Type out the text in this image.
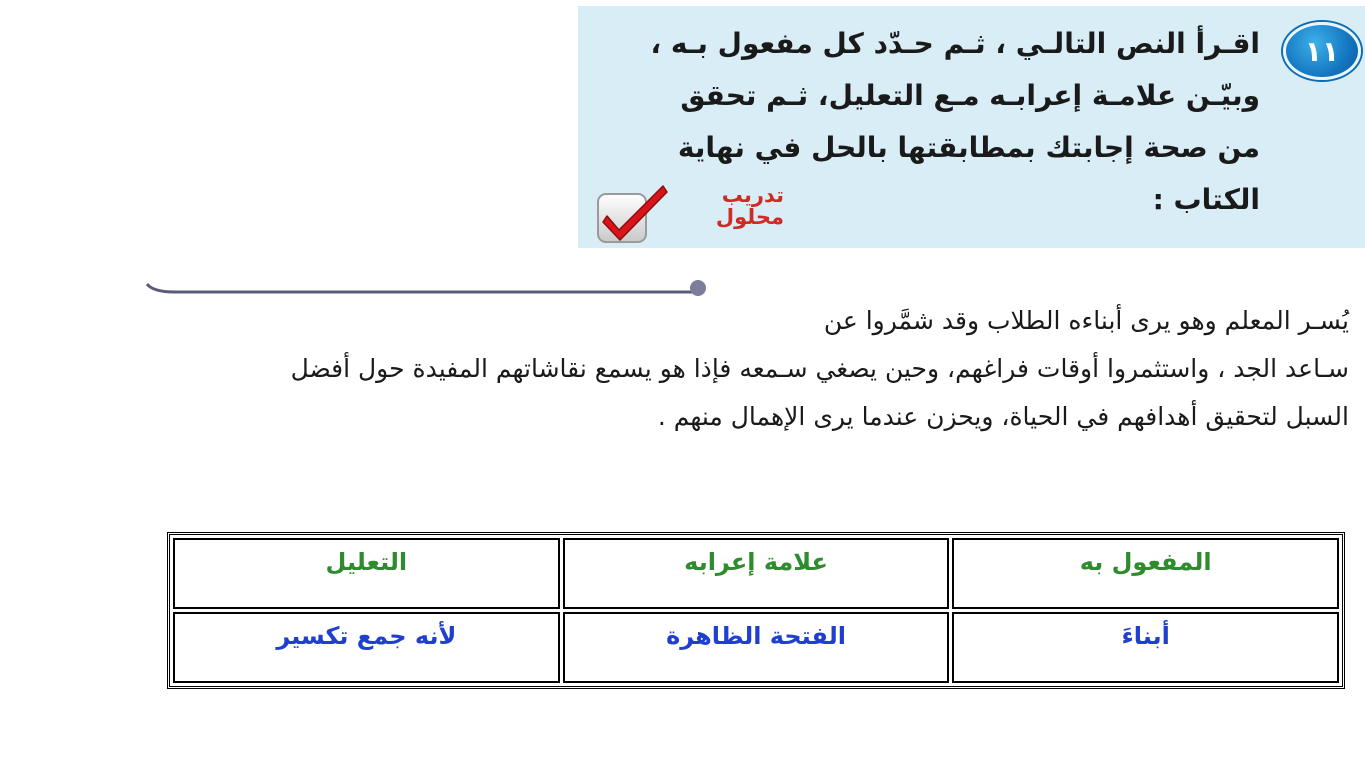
١١
اقـرأ النص التالـي ، ثـم حـدّد كل مفعول بـه ،
وبيّـن علامـة إعرابـه مـع التعليل، ثـم تحقق
من صحة إجابتك بمطابقتها بالحل في نهاية
الكتاب :
تدريب
محلول

يُسـر المعلم وهو يرى أبناءه الطلاب وقد شمَّروا عن

سـاعد الجد ، واستثمروا أوقات فراغهم، وحين يصغي سـمعه فإذا هو يسمع نقاشاتهم المفيدة حول أفضل

السبل لتحقيق أهدافهم في الحياة، ويحزن عندما يرى الإهمال منهم .

المفعول به	علامة إعرابه	التعليل
أبناءَ	الفتحة الظاهرة	لأنه جمع تكسير
